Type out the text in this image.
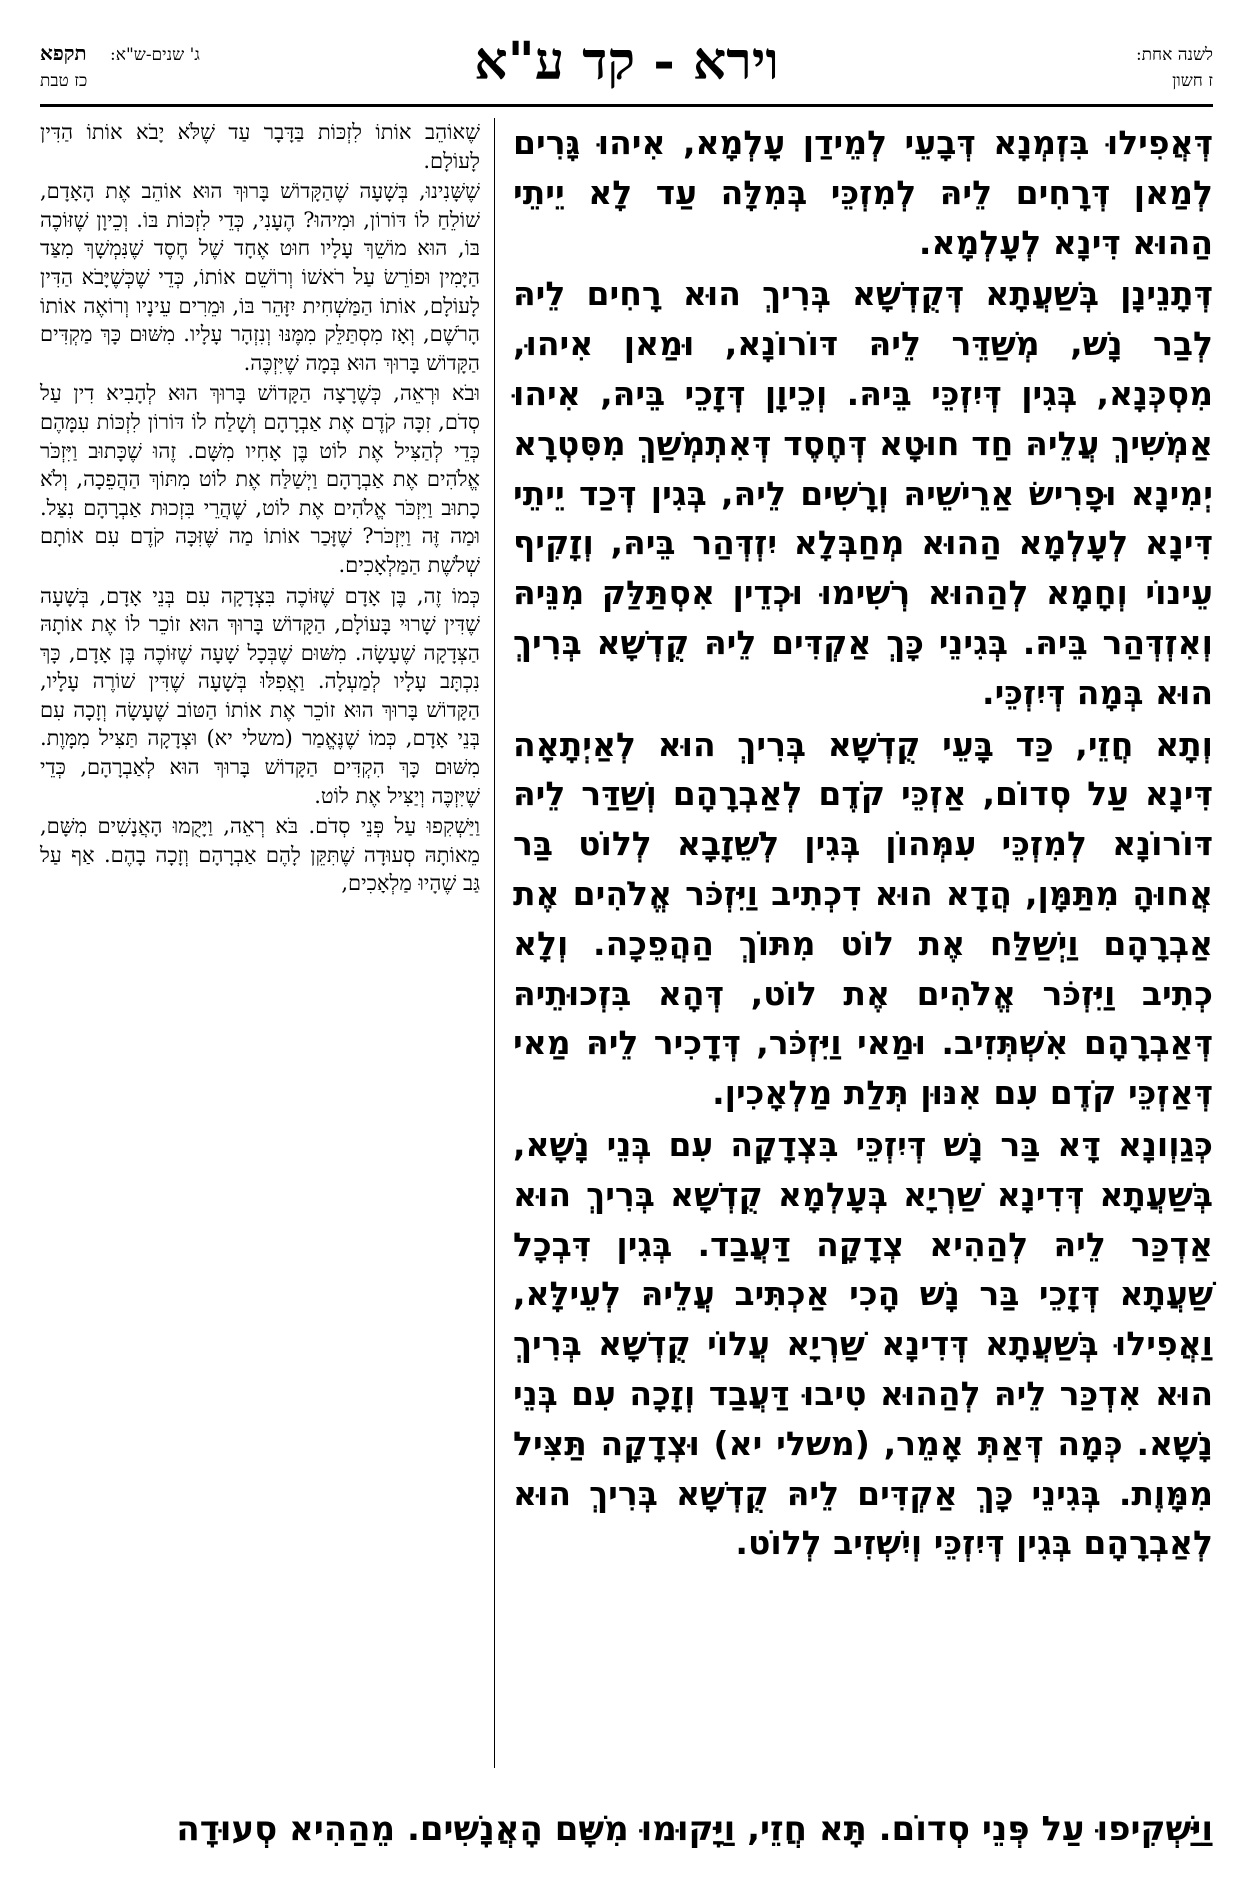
לשנה אחת:
ז חשון
וירא - קד ע"א
ג' שנים-ש"א: תקפא
כז טבת

דְּאֲפִילוּ בִּזְמְנָא דְּבָעֵי לְמֵידַן עָלְמָא, אִיהוּ גָּרִים לְמַאן דְּרָחִים לֵיהּ לְמִזְכֵּי בְּמִלָּה עַד לָא יֵיתֵי הַהוּא דִּינָא לְעָלְמָא.

דְּתָנֵינָן בְּשַׁעֲתָא דְּקֻדְשָׁא בְּרִיךְ הוּא רָחִים לֵיהּ לְבַר נָשׁ, מְשַׁדֵּר לֵיהּ דּוֹרוֹנָא, וּמַאן אִיהוּ, מִסְכְּנָא, בְּגִין דְּיִזְכֵּי בֵּיהּ. וְכֵיוָן דְּזָכֵי בֵּיהּ, אִיהוּ אַמְשִׁיךְ עֲלֵיהּ חַד חוּטָא דְּחֶסֶד דְּאִתְמְשַׁךְ מִסִּטְרָא יְמִינָא וּפָרִישׂ אַרֵישֵׁיהּ וְרָשִׁים לֵיהּ, בְּגִין דְּכַד יֵיתֵי דִּינָא לְעָלְמָא הַהוּא מְחַבְּלָא יִזְדְּהַר בֵּיהּ, וְזָקִיף עֵינוֹי וְחָמָא לְהַהוּא רְשִׁימוּ וּכְדֵין אִסְתַּלַּק מִנֵּיהּ וְאִזְדְּהַר בֵּיהּ. בְּגִינֵי כָּךְ אַקְדִּים לֵיהּ קֻדְשָׁא בְּרִיךְ הוּא בְּמָה דְּיִזְכֵּי.

וְתָא חֲזֵי, כַּד בָּעֵי קֻדְשָׁא בְּרִיךְ הוּא לְאַיְתָאָה דִּינָא עַל סְדוֹם, אַזְכֵּי קֹדֶם לְאַבְרָהָם וְשַׁדַּר לֵיהּ דּוֹרוֹנָא לְמִזְכֵּי עִמְּהוֹן בְּגִין לְשֵׁזָבָא לְלוֹט בַּר אֲחוּהָ מִתַּמָּן, הֲדָא הוּא דִכְתִיב וַיִּזְכֹּר אֱלֹהִים אֶת אַבְרָהָם וַיְשַׁלַּח אֶת לוֹט מִתּוֹךְ הַהֲפֵכָה. וְלָא כְתִיב וַיִּזְכֹּר אֱלֹהִים אֶת לוֹט, דְּהָא בִּזְכוּתֵיהּ דְּאַבְרָהָם אִשְׁתְּזִיב. וּמַאי וַיִּזְכֹּר, דְּדָכִיר לֵיהּ מַאי דְּאַזְכֵּי קֹדֶם עִם אִנּוּן תְּלַת מַלְאָכִין.

כְּגַוְונָא דָּא בַּר נָשׁ דְּיִזְכֵּי בִּצְדָקָה עִם בְּנֵי נָשָׁא, בְּשַׁעֲתָא דְּדִינָא שַׁרְיָא בְּעָלְמָא קֻדְשָׁא בְּרִיךְ הוּא אַדְכַּר לֵיהּ לְהַהִיא צְדָקָה דַּעֲבַד. בְּגִין דִּבְכָל שַׁעֲתָא דְּזָכֵי בַּר נָשׁ הָכִי אַכְתִּיב עֲלֵיהּ לְעֵילָּא, וַאֲפִילוּ בְּשַׁעֲתָא דְּדִינָא שַׁרְיָא עֲלוֹי קֻדְשָׁא בְּרִיךְ הוּא אִדְכַּר לֵיהּ לְהַהוּא טִיבוּ דַּעֲבַד וְזָכָה עִם בְּנֵי נָשָׁא. כְּמָה דְּאַתְּ אָמֵר, (משלי יא) וּצְדָקָה תַּצִּיל מִמָּוֶת. בְּגִינֵי כָּךְ אַקְדִּים לֵיהּ קֻדְשָׁא בְּרִיךְ הוּא לְאַבְרָהָם בְּגִין דְּיִזְכֵּי וְיִשְׁזִיב לְלוֹט.

שֶׁאוֹהֵב אוֹתוֹ לִזְכּוֹת בַּדָּבָר עַד שֶׁלֹּא יָבֹא אוֹתוֹ הַדִּין לָעוֹלָם.

שֶׁשָּׁנִינוּ, בְּשָׁעָה שֶׁהַקָּדוֹשׁ בָּרוּךְ הוּא אוֹהֵב אֶת הָאָדָם, שׁוֹלֵחַ לוֹ דּוֹרוֹן, וּמִיהוּ? הֶעָנִי, כְּדֵי לִזְכּוֹת בּוֹ. וְכֵיוָן שֶׁזּוֹכֶה בּוֹ, הוּא מוֹשֵׁךְ עָלָיו חוּט אֶחָד שֶׁל חֶסֶד שֶׁנִּמְשָׁךְ מִצַּד הַיָּמִין וּפוֹרֵשׂ עַל רֹאשׁוֹ וְרוֹשֵׁם אוֹתוֹ, כְּדֵי שֶׁכְּשֶׁיָּבֹא הַדִּין לָעוֹלָם, אוֹתוֹ הַמַּשְׁחִית יִזָּהֵר בּוֹ, וּמֵרִים עֵינָיו וְרוֹאֶה אוֹתוֹ הָרֹשֶׁם, וְאָז מִסְתַּלֵּק מִמֶּנּוּ וְנִזְהָר עָלָיו. מִשּׁוּם כָּךְ מַקְדִּים הַקָּדוֹשׁ בָּרוּךְ הוּא בְּמָה שֶׁיִּזְכֶּה.

וּבֹא וּרְאֵה, כְּשֶׁרָצָה הַקָּדוֹשׁ בָּרוּךְ הוּא לְהָבִיא דִין עַל סְדֹם, זִכָּה קֹדֶם אֶת אַבְרָהָם וְשָׁלַח לוֹ דּוֹרוֹן לִזְכּוֹת עִמָּהֶם כְּדֵי לְהַצִּיל אֶת לוֹט בֶּן אָחִיו מִשָּׁם. זֶהוּ שֶׁכָּתוּב וַיִּזְכֹּר אֱלֹהִים אֶת אַבְרָהָם וַיְשַׁלַּח אֶת לוֹט מִתּוֹךְ הַהֲפֵכָה, וְלֹא כָתוּב וַיִּזְכֹּר אֱלֹהִים אֶת לוֹט, שֶׁהֲרֵי בִּזְכוּת אַבְרָהָם נִצַּל. וּמַה זֶּה וַיִּזְכֹּר? שֶׁזָּכַר אוֹתוֹ מַה שֶּׁזִּכָּה קֹדֶם עִם אוֹתָם שְׁלֹשֶׁת הַמַּלְאָכִים.

כְּמוֹ זֶה, בֶּן אָדָם שֶׁזּוֹכֶה בִּצְדָקָה עִם בְּנֵי אָדָם, בְּשָׁעָה שֶׁדִּין שָׁרוּי בָּעוֹלָם, הַקָּדוֹשׁ בָּרוּךְ הוּא זוֹכֵר לוֹ אֶת אוֹתָהּ הַצְּדָקָה שֶׁעָשָׂה. מִשּׁוּם שֶׁבְּכָל שָׁעָה שֶׁזּוֹכֶה בֶּן אָדָם, כָּךְ נִכְתָּב עָלָיו לְמַעְלָה. וַאֲפִלּוּ בְּשָׁעָה שֶׁדִּין שׁוֹרֶה עָלָיו, הַקָּדוֹשׁ בָּרוּךְ הוּא זוֹכֵר אֶת אוֹתוֹ הַטּוֹב שֶׁעָשָׂה וְזָכָה עִם בְּנֵי אָדָם, כְּמוֹ שֶׁנֶּאֱמַר (משלי יא) וּצְדָקָה תַּצִּיל מִמָּוֶת. מִשּׁוּם כָּךְ הִקְדִּים הַקָּדוֹשׁ בָּרוּךְ הוּא לְאַבְרָהָם, כְּדֵי שֶׁיִּזְכֶּה וְיַצִּיל אֶת לוֹט.

וַיַּשְׁקִפוּ עַל פְּנֵי סְדֹם. בֹּא רְאֵה, וַיָּקֻמוּ הָאֲנָשִׁים מִשָּׁם, מֵאוֹתָהּ סְעוּדָה שֶׁתִּקֵּן לָהֶם אַבְרָהָם וְזָכָה בָהֶם. אַף עַל גַּב שֶׁהָיוּ מַלְאָכִים,

וַיַּשְׁקִיפוּ עַל פְּנֵי סְדוֹם. תָּא חֲזֵי, וַיָּקוּמוּ מִשָּׁם הָאֲנָשִׁים. מֵהַהִיא סְעוּדָה
